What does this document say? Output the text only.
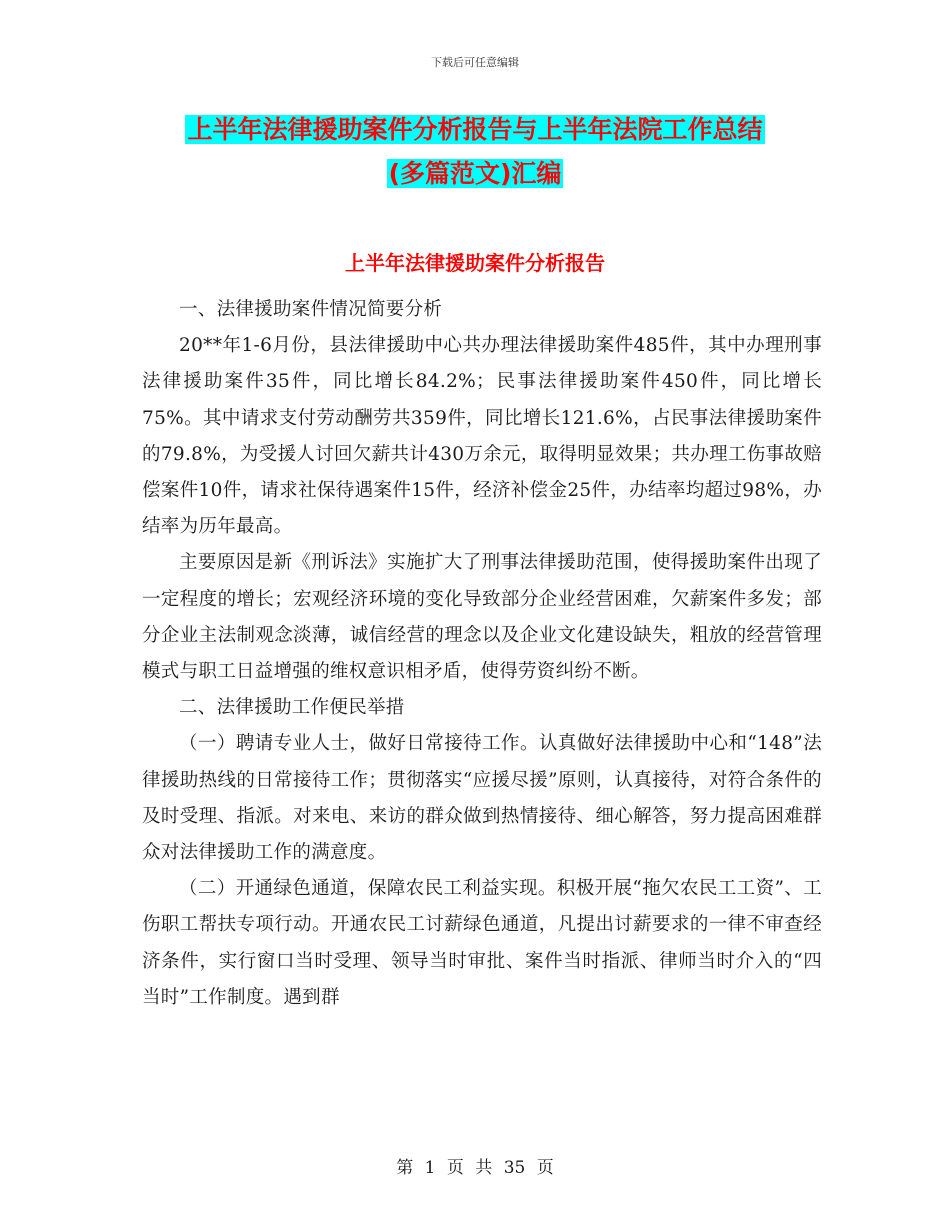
下载后可任意编辑
上半年法律援助案件分析报告与上半年法院工作总结
(多篇范文)汇编
上半年法律援助案件分析报告

一、法律援助案件情况简要分析

20**年1-6月份，县法律援助中心共办理法律援助案件485件，其中办理刑事法律援助案件35件，同比增长84.2%；民事法律援助案件450件，同比增长75%。其中请求支付劳动酬劳共359件，同比增长121.6%，占民事法律援助案件的79.8%，为受援人讨回欠薪共计430万余元，取得明显效果；共办理工伤事故赔偿案件10件，请求社保待遇案件15件，经济补偿金25件，办结率均超过98%，办结率为历年最高。

主要原因是新《刑诉法》实施扩大了刑事法律援助范围，使得援助案件出现了一定程度的增长；宏观经济环境的变化导致部分企业经营困难，欠薪案件多发；部分企业主法制观念淡薄，诚信经营的理念以及企业文化建设缺失，粗放的经营管理模式与职工日益增强的维权意识相矛盾，使得劳资纠纷不断。

二、法律援助工作便民举措

（一）聘请专业人士，做好日常接待工作。认真做好法律援助中心和“148”法律援助热线的日常接待工作；贯彻落实“应援尽援”原则，认真接待，对符合条件的及时受理、指派。对来电、来访的群众做到热情接待、细心解答，努力提高困难群众对法律援助工作的满意度。

（二）开通绿色通道，保障农民工利益实现。积极开展“拖欠农民工工资”、工伤职工帮扶专项行动。开通农民工讨薪绿色通道，凡提出讨薪要求的一律不审查经济条件，实行窗口当时受理、领导当时审批、案件当时指派、律师当时介入的“四当时”工作制度。遇到群

第 1 页 共 35 页
